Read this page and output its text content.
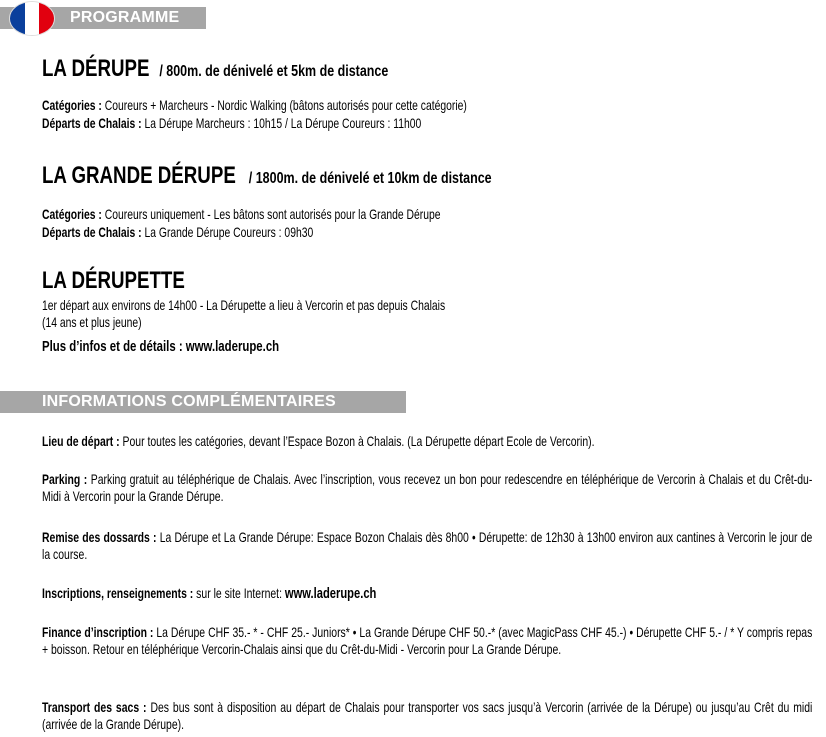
PROGRAMME
LA DÉRUPE / 800m. de dénivelé et 5km de distance
Catégories : Coureurs + Marcheurs - Nordic Walking (bâtons autorisés pour cette catégorie)
Départs de Chalais : La Dérupe Marcheurs : 10h15 / La Dérupe Coureurs : 11h00
LA GRANDE DÉRUPE / 1800m. de dénivelé et 10km de distance
Catégories : Coureurs uniquement - Les bâtons sont autorisés pour la Grande Dérupe
Départs de Chalais : La Grande Dérupe Coureurs : 09h30
LA DÉRUPETTE
1er départ aux environs de 14h00 - La Dérupette a lieu à Vercorin et pas depuis Chalais
(14 ans et plus jeune)
Plus d’infos et de détails : www.laderupe.ch
INFORMATIONS COMPLÉMENTAIRES
Lieu de départ : Pour toutes les catégories, devant l’Espace Bozon à Chalais. (La Dérupette départ Ecole de Vercorin).
Parking : Parking gratuit au téléphérique de Chalais. Avec l’inscription, vous recevez un bon pour redescendre en téléphérique de Vercorin à Chalais et du Crêt-du-Midi à Vercorin pour la Grande Dérupe.
Remise des dossards : La Dérupe et La Grande Dérupe: Espace Bozon Chalais dès 8h00 • Dérupette: de 12h30 à 13h00 environ aux cantines à Vercorin le jour de la course.
Inscriptions, renseignements : sur le site Internet: www.laderupe.ch
Finance d’inscription : La Dérupe CHF 35.- * - CHF 25.- Juniors* • La Grande Dérupe CHF 50.-* (avec MagicPass CHF 45.-) • Dérupette CHF 5.- / * Y compris repas + boisson. Retour en téléphérique Vercorin-Chalais ainsi que du Crêt-du-Midi - Vercorin pour La Grande Dérupe.
Transport des sacs : Des bus sont à disposition au départ de Chalais pour transporter vos sacs jusqu’à Vercorin (arrivée de la Dérupe) ou jusqu’au Crêt du midi (arrivée de la Grande Dérupe).
